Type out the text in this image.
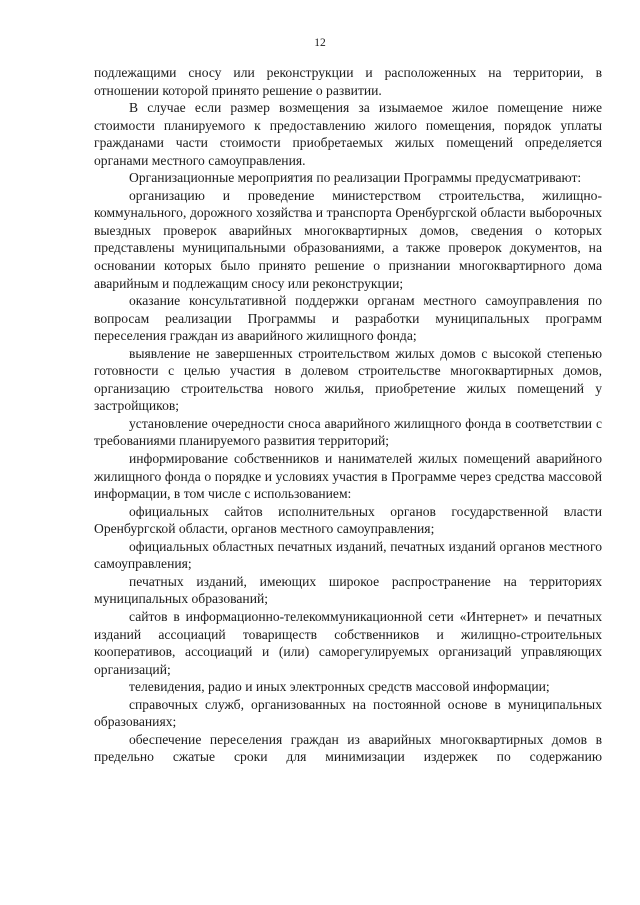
12

подлежащими сносу или реконструкции и расположенных на территории, в отношении которой принято решение о развитии.

В случае если размер возмещения за изымаемое жилое помещение ниже стоимости планируемого к предоставлению жилого помещения, порядок уплаты гражданами части стоимости приобретаемых жилых помещений определяется органами местного самоуправления.

Организационные мероприятия по реализации Программы предусматривают:

организацию и проведение министерством строительства, жилищно-коммунального, дорожного хозяйства и транспорта Оренбургской области выборочных выездных проверок аварийных многоквартирных домов, сведения о которых представлены муниципальными образованиями, а также проверок документов, на основании которых было принято решение о признании многоквартирного дома аварийным и подлежащим сносу или реконструкции;

оказание консультативной поддержки органам местного самоуправления по вопросам реализации Программы и разработки муниципальных программ переселения граждан из аварийного жилищного фонда;

выявление не завершенных строительством жилых домов с высокой степенью готовности с целью участия в долевом строительстве многоквартирных домов, организацию строительства нового жилья, приобретение жилых помещений у застройщиков;

установление очередности сноса аварийного жилищного фонда в соответствии с требованиями планируемого развития территорий;

информирование собственников и нанимателей жилых помещений аварийного жилищного фонда о порядке и условиях участия в Программе через средства массовой информации, в том числе с использованием:

официальных сайтов исполнительных органов государственной власти Оренбургской области, органов местного самоуправления;

официальных областных печатных изданий, печатных изданий органов местного самоуправления;

печатных изданий, имеющих широкое распространение на территориях муниципальных образований;

сайтов в информационно-телекоммуникационной сети «Интернет» и печатных изданий ассоциаций товариществ собственников и жилищно-строительных кооперативов, ассоциаций и (или) саморегулируемых организаций управляющих организаций;

телевидения, радио и иных электронных средств массовой информации;

справочных служб, организованных на постоянной основе в муниципальных образованиях;

обеспечение переселения граждан из аварийных многоквартирных домов в предельно сжатые сроки для минимизации издержек по содержанию
